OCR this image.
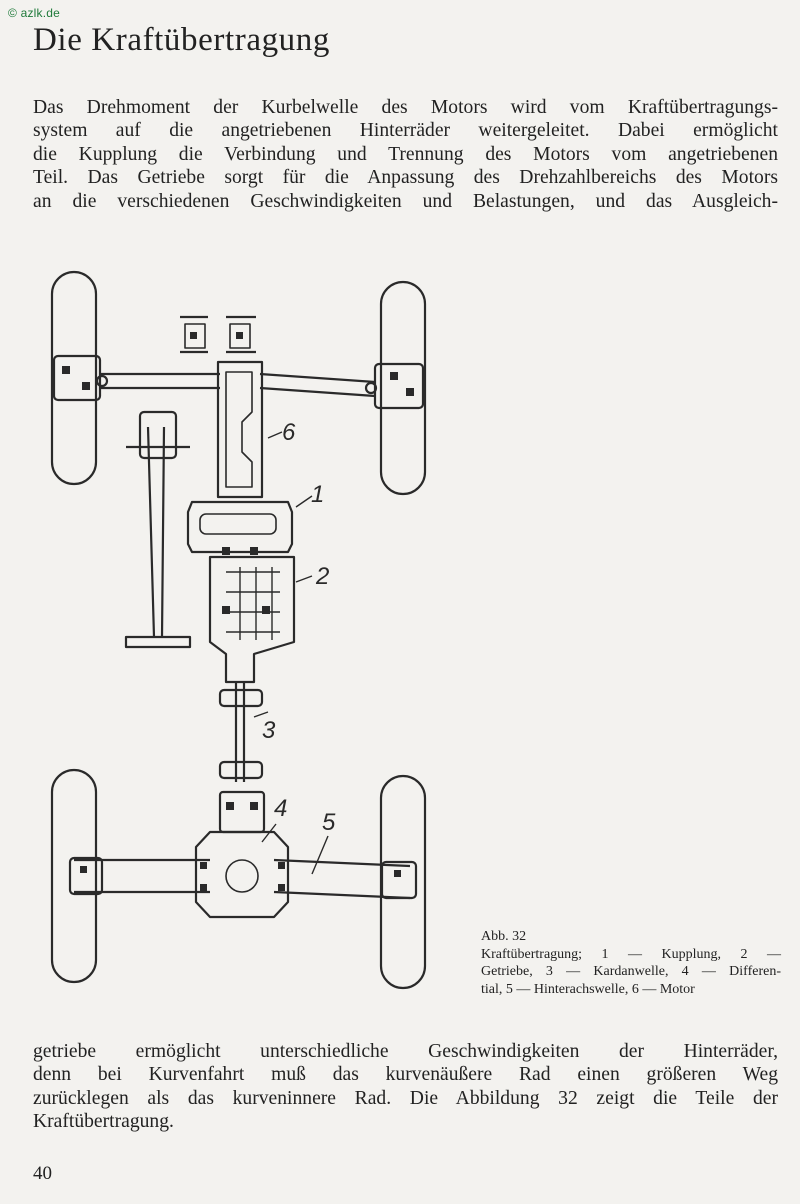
© azlk.de
Die Kraftübertragung

Das Drehmoment der Kurbelwelle des Motors wird vom Kraftübertragungs-
system auf die angetriebenen Hinterräder weitergeleitet. Dabei ermöglicht
die Kupplung die Verbindung und Trennung des Motors vom angetriebenen
Teil. Das Getriebe sorgt für die Anpassung des Drehzahlbereichs des Motors
an die verschiedenen Geschwindigkeiten und Belastungen, und das Ausgleich-

6
1
2
3
4
5
Abb. 32
Kraftübertragung; 1 — Kupplung, 2 —
Getriebe, 3 — Kardanwelle, 4 — Differen-
tial, 5 — Hinterachswelle, 6 — Motor

getriebe ermöglicht unterschiedliche Geschwindigkeiten der Hinterräder,
denn bei Kurvenfahrt muß das kurvenäußere Rad einen größeren Weg
zurücklegen als das kurveninnere Rad. Die Abbildung 32 zeigt die Teile der
Kraftübertragung.

40
